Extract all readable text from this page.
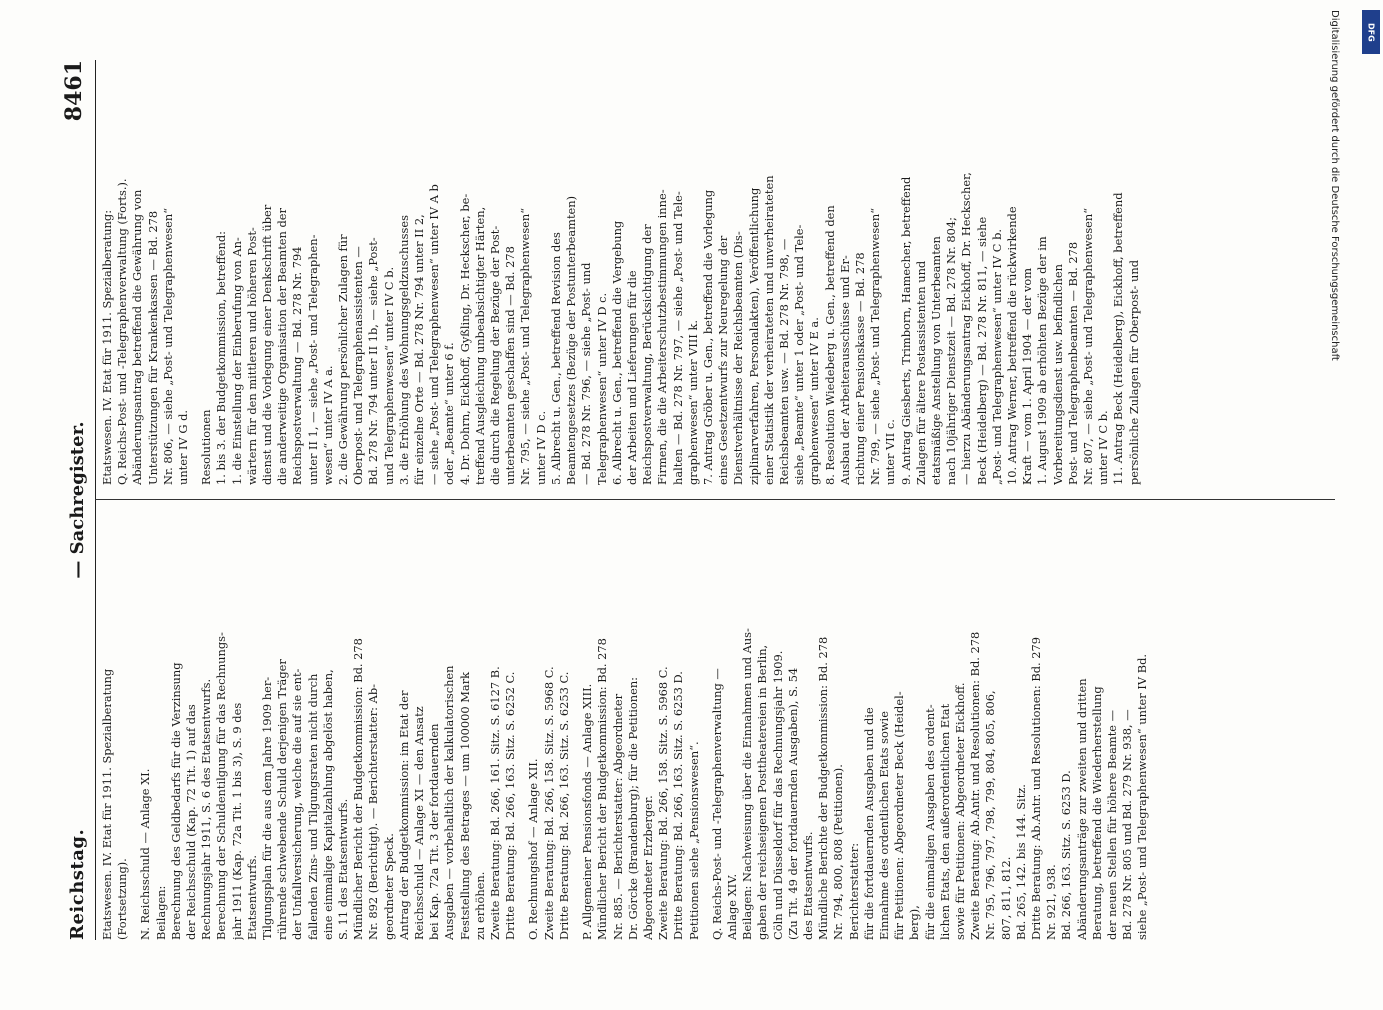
Reichstag.
— Sachregister.
8461
Etatswesen. IV. Etat für 1911. Spezialberatung (Fortsetzung). N. Reichsschuld — Anlage XI. Beilagen: Berechnung des Geldbedarfs für die Verzinsung der Reichsschuld (Kap. 72 Tit. 1) auf das Rechnungsjahr 1911, S. 6 des Etatsentwurfs. Berechnung der Schuldentilgung für das Rechnungs- jahr 1911 (Kap. 72a Tit. 1 bis 3), S. 9 des Etatsentwurfs. Tilgungsplan für die aus dem Jahre 1909 her- rührende schwebende Schuld derjenigen Träger der Unfallversicherung, welche die auf sie ent- fallenden Zins- und Tilgungsraten nicht durch eine einmalige Kapitalzahlung abgelöst haben, S. 11 des Etatsentwurfs. Mündlicher Bericht der Budgetkommission: Bd. 278 Nr. 892 (Berichtigt). — Berichterstatter: Ab- geordneter Speck. Antrag der Budgetkommission: im Etat der Reichsschuld — Anlage XI — den Ansatz bei Kap. 72a Tit. 3 der fortdauernden Ausgaben — vorbehaltlich der kalkulatorischen Feststellung des Betrages — um 100000 Mark zu erhöhen. Zweite Beratung: Bd. 266, 161. Sitz. S. 6127 B. Dritte Beratung: Bd. 266, 163. Sitz. S. 6252 C. O. Rechnungshof — Anlage XII. Zweite Beratung: Bd. 266, 158. Sitz. S. 5968 C. Dritte Beratung: Bd. 266, 163. Sitz. S. 6253 C. P. Allgemeiner Pensionsfonds — Anlage XIII. Mündlicher Bericht der Budgetkommission: Bd. 278 Nr. 885. — Berichterstatter: Abgeordneter Dr. Görcke (Brandenburg); für die Petitionen: Abgeordneter Erzberger. Zweite Beratung: Bd. 266, 158. Sitz. S. 5968 C. Dritte Beratung: Bd. 266, 163. Sitz. S. 6253 D. Petitionen siehe „Pensionswesen“. Q. Reichs-Post- und -Telegraphenverwaltung — Anlage XIV. Beilagen: Nachweisung über die Einnahmen und Aus- gaben der reichseigenen Posttheatereien in Berlin, Cöln und Düsseldorf für das Rechnungsjahr 1909. (Zu Tit. 49 der fortdauernden Ausgaben), S. 54 des Etatsentwurfs. Mündliche Berichte der Budgetkommission: Bd. 278 Nr. 794, 800, 808 (Petitionen). Berichterstatter: für die fortdauernden Ausgaben und die Einnahme des ordentlichen Etats sowie für Petitionen: Abgeordneter Beck (Heidel- berg), für die einmaligen Ausgaben des ordent- lichen Etats, den außerordentlichen Etat sowie für Petitionen: Abgeordneter Eickhoff. Zweite Beratung: Ab.Antr. und Resolutionen: Bd. 278 Nr. 795, 796, 797, 798, 799, 804, 805, 806, 807, 811, 812. Bd. 265, 142. bis 144. Sitz. Dritte Beratung: Ab.Antr. und Resolutionen: Bd. 279 Nr. 921, 938. Bd. 266, 163. Sitz. S. 6253 D. Abänderungsanträge zur zweiten und dritten Beratung, betreffend die Wiederherstellung der neuen Stellen für höhere Beamte — Bd. 278 Nr. 805 und Bd. 279 Nr. 938, — siehe „Post- und Telegraphenwesen“ unter IV Bd.
Etatswesen. IV. Etat für 1911. Spezialberatung: Q. Reichs-Post- und -Telegraphenverwaltung (Forts.). Abänderungsantrag betreffend die Gewährung von Unterstützungen für Krankenkassen — Bd. 278 Nr. 806, — siehe „Post- und Telegraphenwesen“ unter IV G d. Resolutionen 1. bis 3. der Budgetkommission, betreffend: 1. die Einstellung der Einberufung von An- wärtern für den mittleren und höheren Post- dienst und die Vorlegung einer Denkschrift über die anderweitige Organisation der Beamten der Reichspostverwaltung — Bd. 278 Nr. 794 unter II 1, — siehe „Post- und Telegraphen- wesen“ unter IV A a. 2. die Gewährung persönlicher Zulagen für Oberpost- und Telegraphenassistenten — Bd. 278 Nr. 794 unter II 1b, — siehe „Post- und Telegraphenwesen“ unter IV C b. 3. die Erhöhung des Wohnungsgeldzuschusses für einzelne Orte — Bd. 278 Nr. 794 unter II 2, — siehe „Post- und Telegraphenwesen“ unter IV A b oder „Beamte“ unter 6 f. 4. Dr. Dohrn, Eickhoff, Gyßling, Dr. Heckscher, be- treffend Ausgleichung unbeabsichtigter Härten, die durch die Regelung der Bezüge der Post- unterbeamten geschaffen sind — Bd. 278 Nr. 795, — siehe „Post- und Telegraphenwesen“ unter IV D c. 5. Albrecht u. Gen., betreffend Revision des Beamtengesetzes (Bezüge der Postunterbeamten) — Bd. 278 Nr. 796, — siehe „Post- und Telegraphenwesen“ unter IV D c. 6. Albrecht u. Gen., betreffend die Vergebung der Arbeiten und Lieferungen für die Reichspostverwaltung, Berücksichtigung der Firmen, die die Arbeiterschutzbestimmungen inne- halten — Bd. 278 Nr. 797, — siehe „Post- und Tele- graphenwesen“ unter VIII k. 7. Antrag Gröber u. Gen., betreffend die Vorlegung eines Gesetzentwurfs zur Neuregelung der Dienstverhältnisse der Reichsbeamten (Dis- ziplinarverfahren, Personalakten), Veröffentlichung einer Statistik der verheirateten und unverheirateten Reichsbeamten usw. — Bd. 278 Nr. 798, — siehe „Beamte“ unter 1 oder „Post- und Tele- graphenwesen“ unter IV E a. 8. Resolution Wiedeberg u. Gen., betreffend den Ausbau der Arbeiterausschüsse und Er- richtung einer Pensionskasse — Bd. 278 Nr. 799, — siehe „Post- und Telegraphenwesen“ unter VII c. 9. Antrag Giesberts, Trimborn, Hamecher, betreffend Zulagen für ältere Postassistenten und etatsmäßige Anstellung von Unterbeamten nach 10jähriger Dienstzeit — Bd. 278 Nr. 804; — hierzu Abänderungsantrag Eickhoff, Dr. Heckscher, Beck (Heidelberg) — Bd. 278 Nr. 811, — siehe „Post- und Telegraphenwesen“ unter IV C b. 10. Antrag Werner, betreffend die rückwirkende Kraft — vom 1. April 1904 — der vom 1. August 1909 ab erhöhten Bezüge der im Vorbereitungsdienst usw. befindlichen Post- und Telegraphenbeamten — Bd. 278 Nr. 807, — siehe „Post- und Telegraphenwesen“ unter IV C b. 11. Antrag Beck (Heidelberg), Eickhoff, betreffend persönliche Zulagen für Oberpost- und
DFG
Digitalisierung gefördert durch die Deutsche Forschungsgemeinschaft
